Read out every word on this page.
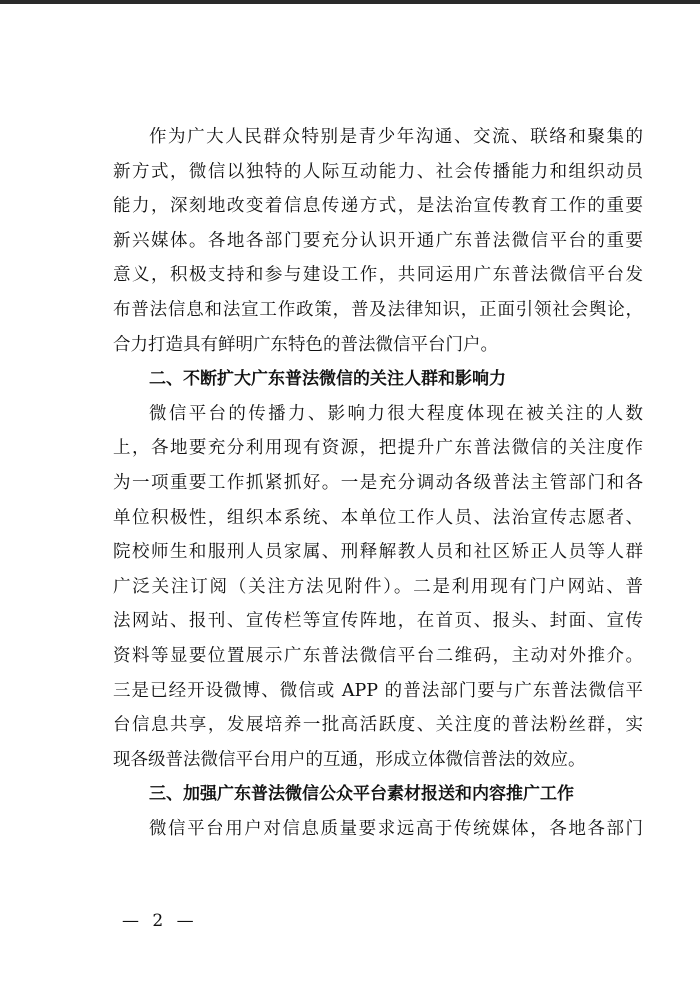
作为广大人民群众特别是青少年沟通、交流、联络和聚集的
新方式，微信以独特的人际互动能力、社会传播能力和组织动员
能力，深刻地改变着信息传递方式，是法治宣传教育工作的重要
新兴媒体。各地各部门要充分认识开通广东普法微信平台的重要
意义，积极支持和参与建设工作，共同运用广东普法微信平台发
布普法信息和法宣工作政策，普及法律知识，正面引领社会舆论，
合力打造具有鲜明广东特色的普法微信平台门户。
二、不断扩大广东普法微信的关注人群和影响力
微信平台的传播力、影响力很大程度体现在被关注的人数
上，各地要充分利用现有资源，把提升广东普法微信的关注度作
为一项重要工作抓紧抓好。一是充分调动各级普法主管部门和各
单位积极性，组织本系统、本单位工作人员、法治宣传志愿者、
院校师生和服刑人员家属、刑释解教人员和社区矫正人员等人群
广泛关注订阅（关注方法见附件）。二是利用现有门户网站、普
法网站、报刊、宣传栏等宣传阵地，在首页、报头、封面、宣传
资料等显要位置展示广东普法微信平台二维码，主动对外推介。
三是已经开设微博、微信或 APP 的普法部门要与广东普法微信平
台信息共享，发展培养一批高活跃度、关注度的普法粉丝群，实
现各级普法微信平台用户的互通，形成立体微信普法的效应。
三、加强广东普法微信公众平台素材报送和内容推广工作
微信平台用户对信息质量要求远高于传统媒体，各地各部门
— 2 —
